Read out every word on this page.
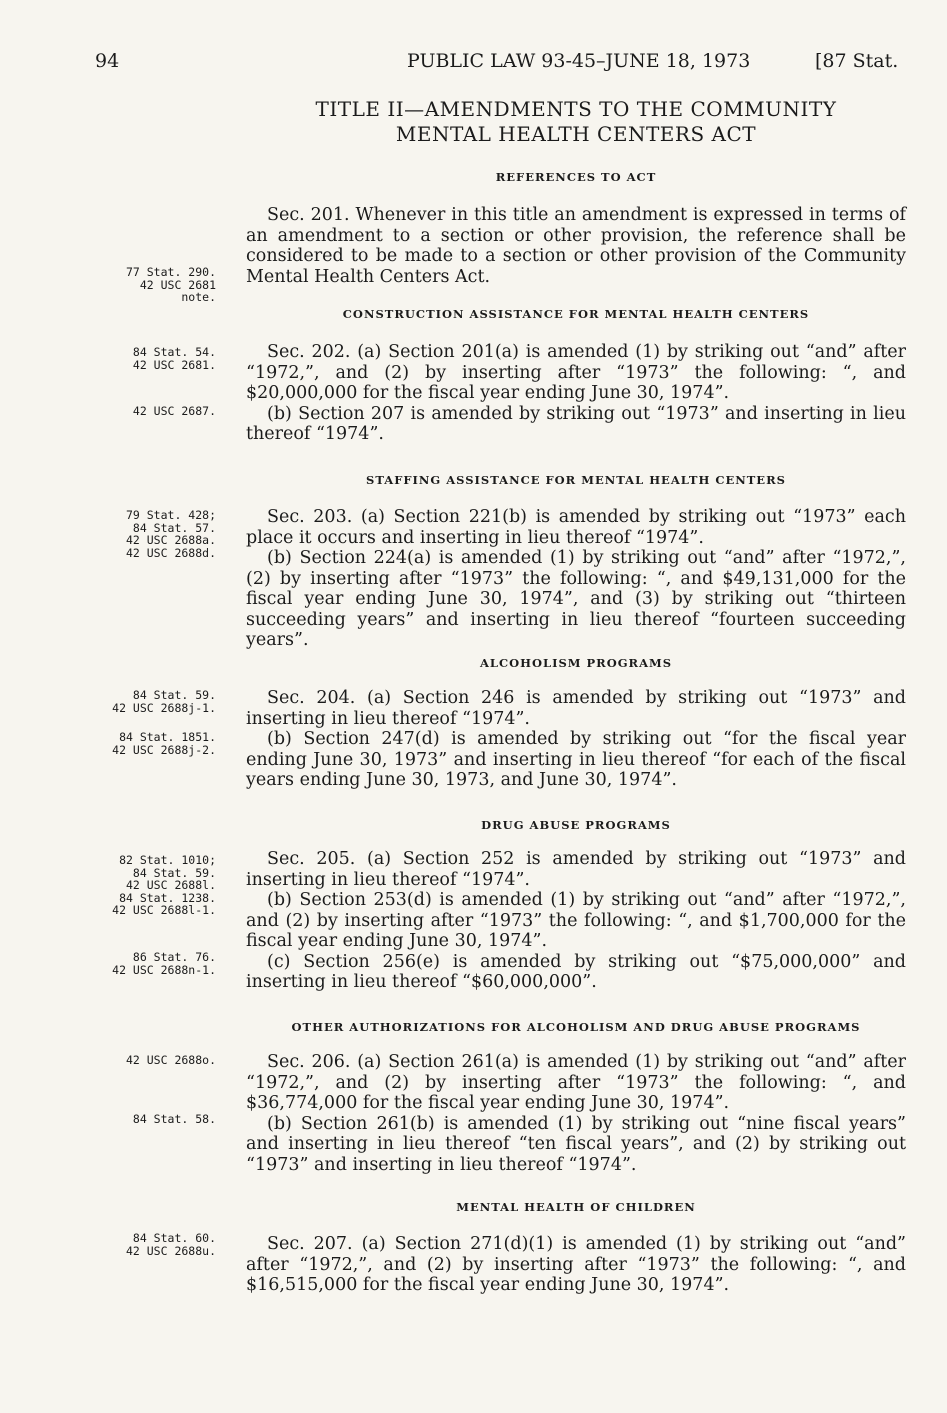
94	PUBLIC LAW 93-45–JUNE 18, 1973	[87 Stat.
TITLE II—AMENDMENTS TO THE COMMUNITY
MENTAL HEALTH CENTERS ACT
REFERENCES TO ACT

Sec. 201. Whenever in this title an amendment is expressed in terms of an amendment to a section or other provision, the reference shall be considered to be made to a section or other provision of the Community Mental Health Centers Act.

CONSTRUCTION ASSISTANCE FOR MENTAL HEALTH CENTERS

Sec. 202. (a) Section 201(a) is amended (1) by striking out “and” after “1972,”, and (2) by inserting after “1973” the following: “, and $20,000,000 for the fiscal year ending June 30, 1974”.

(b) Section 207 is amended by striking out “1973” and inserting in lieu thereof “1974”.

STAFFING ASSISTANCE FOR MENTAL HEALTH CENTERS

Sec. 203. (a) Section 221(b) is amended by striking out “1973” each place it occurs and inserting in lieu thereof “1974”.

(b) Section 224(a) is amended (1) by striking out “and” after “1972,”, (2) by inserting after “1973” the following: “, and $49,131,000 for the fiscal year ending June 30, 1974”, and (3) by striking out “thirteen succeeding years” and inserting in lieu thereof “fourteen succeeding years”.

ALCOHOLISM PROGRAMS

Sec. 204. (a) Section 246 is amended by striking out “1973” and inserting in lieu thereof “1974”.

(b) Section 247(d) is amended by striking out “for the fiscal year ending June 30, 1973” and inserting in lieu thereof “for each of the fiscal years ending June 30, 1973, and June 30, 1974”.

DRUG ABUSE PROGRAMS

Sec. 205. (a) Section 252 is amended by striking out “1973” and inserting in lieu thereof “1974”.

(b) Section 253(d) is amended (1) by striking out “and” after “1972,”, and (2) by inserting after “1973” the following: “, and $1,700,000 for the fiscal year ending June 30, 1974”.

(c) Section 256(e) is amended by striking out “$75,000,000” and inserting in lieu thereof “$60,000,000”.

OTHER AUTHORIZATIONS FOR ALCOHOLISM AND DRUG ABUSE PROGRAMS

Sec. 206. (a) Section 261(a) is amended (1) by striking out “and” after “1972,”, and (2) by inserting after “1973” the following: “, and $36,774,000 for the fiscal year ending June 30, 1974”.

(b) Section 261(b) is amended (1) by striking out “nine fiscal years” and inserting in lieu thereof “ten fiscal years”, and (2) by striking out “1973” and inserting in lieu thereof “1974”.

MENTAL HEALTH OF CHILDREN

Sec. 207. (a) Section 271(d)(1) is amended (1) by striking out “and” after “1972,”, and (2) by inserting after “1973” the following: “, and $16,515,000 for the fiscal year ending June 30, 1974”.

77 Stat. 290.
42 USC 2681
note.
84 Stat. 54.
42 USC 2681.
42 USC 2687.
79 Stat. 428;
84 Stat. 57.
42 USC 2688a.
42 USC 2688d.
84 Stat. 59.
42 USC 2688j-1.
84 Stat. 1851.
42 USC 2688j-2.
82 Stat. 1010;
84 Stat. 59.
42 USC 2688l.
84 Stat. 1238.
42 USC 2688l-1.
86 Stat. 76.
42 USC 2688n-1.
42 USC 2688o.
84 Stat. 58.
84 Stat. 60.
42 USC 2688u.
